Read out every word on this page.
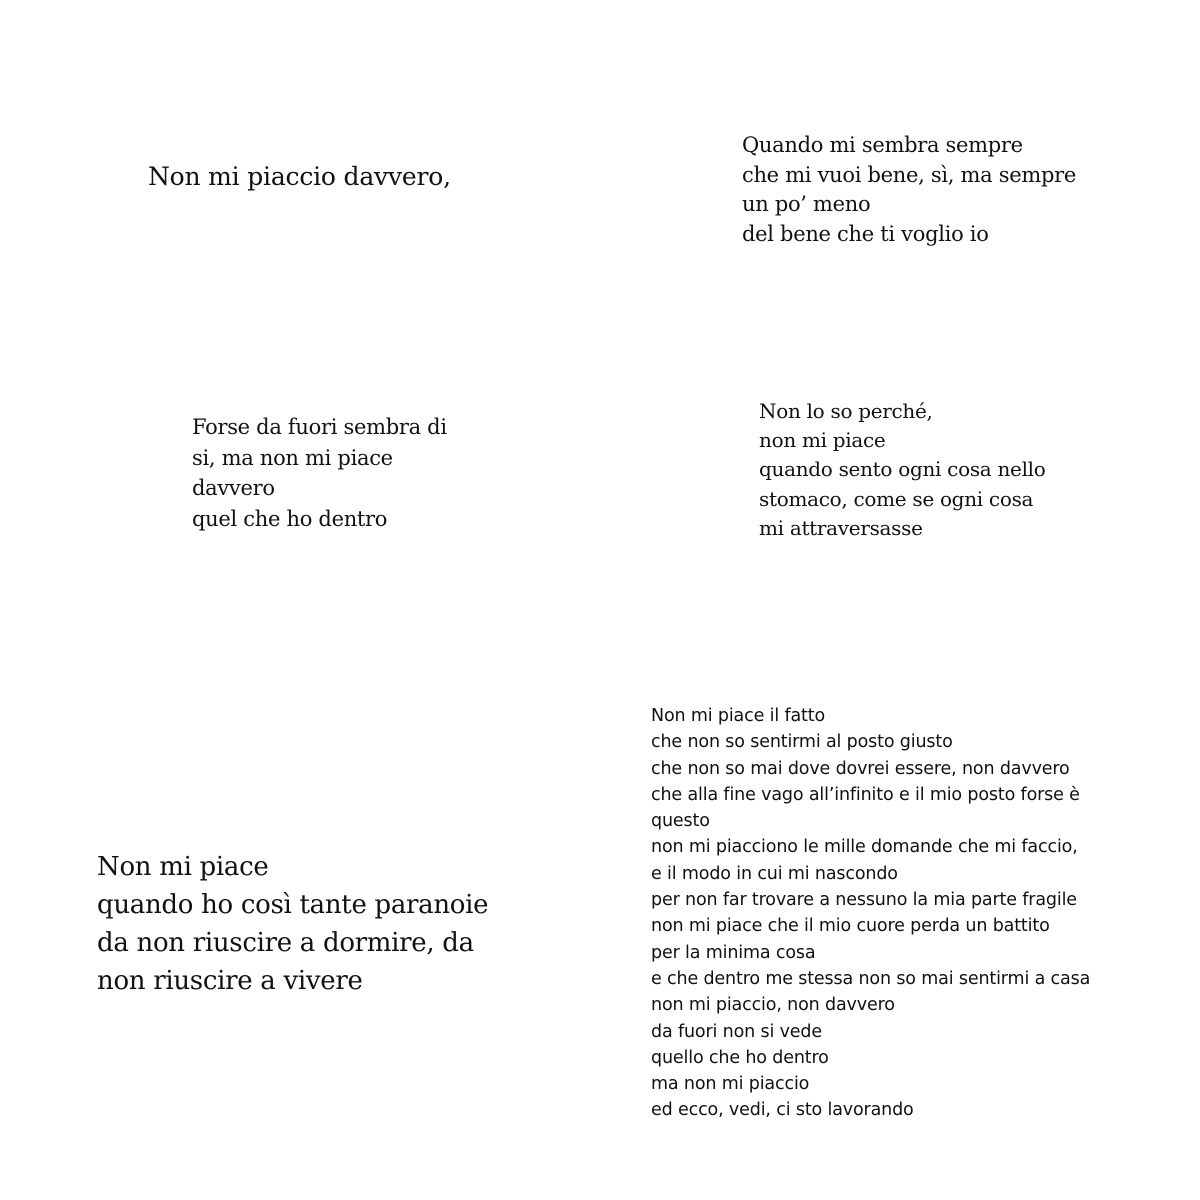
Non mi piaccio davvero,
Quando mi sembra sempre
che mi vuoi bene, sì, ma sempre
un po’ meno
del bene che ti voglio io
Forse da fuori sembra di
si, ma non mi piace
davvero
quel che ho dentro
Non lo so perché,
non mi piace
quando sento ogni cosa nello
stomaco, come se ogni cosa
mi attraversasse
Non mi piace
quando ho così tante paranoie
da non riuscire a dormire, da
non riuscire a vivere
Non mi piace il fatto
che non so sentirmi al posto giusto
che non so mai dove dovrei essere, non davvero
che alla fine vago all’infinito e il mio posto forse è
questo
non mi piacciono le mille domande che mi faccio,
e il modo in cui mi nascondo
per non far trovare a nessuno la mia parte fragile
non mi piace che il mio cuore perda un battito
per la minima cosa
e che dentro me stessa non so mai sentirmi a casa
non mi piaccio, non davvero
da fuori non si vede
quello che ho dentro
ma non mi piaccio
ed ecco, vedi, ci sto lavorando
